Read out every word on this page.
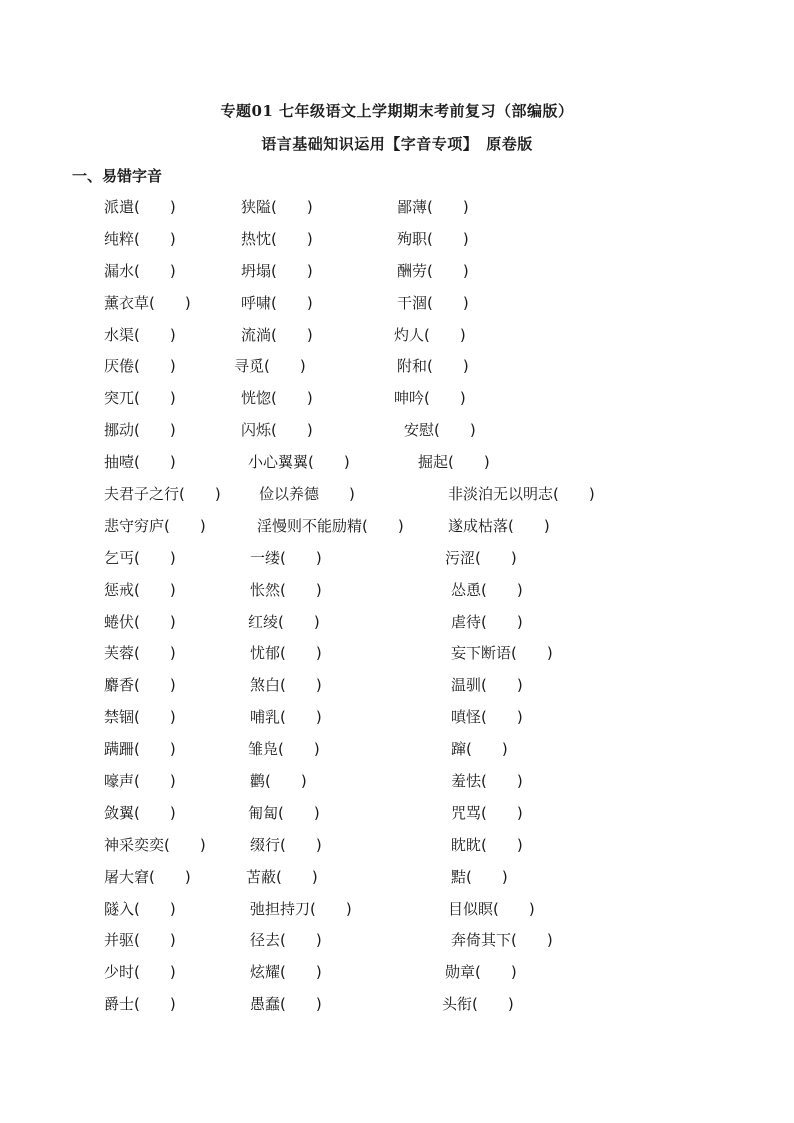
专题01 七年级语文上学期期末考前复习（部编版）
语言基础知识运用【字音专项】　原卷版
一、易错字音
派遣(　　)	狭隘(　　)	鄙薄(　　)
纯粹(　　)	热忱(　　)	殉职(　　)
漏水(　　)	坍塌(　　)	酬劳(　　)
薰衣草(　　)	呼啸(　　)	干涸(　　)
水渠(　　)	流淌(　　)	灼人(　　)
厌倦(　　)	寻觅(　　)	附和(　　)
突兀(　　)	恍惚(　　)	呻吟(　　)
挪动(　　)	闪烁(　　)	安慰(　　)
抽噎(　　)	小心翼翼(　　)	掘起(　　)
夫君子之行(　　)	俭以养德　　)	非淡泊无以明志(　　)
悲守穷庐(　　)	淫慢则不能励精(　　)	遂成枯落(　　)
乞丐(　　)	一缕(　　)	污涩(　　)
惩戒(　　)	怅然(　　)	怂恿(　　)
蜷伏(　　)	红绫(　　)	虐待(　　)
芙蓉(　　)	忧郁(　　)	妄下断语(　　)
麝香(　　)	煞白(　　)	温驯(　　)
禁锢(　　)	哺乳(　　)	嗔怪(　　)
蹒跚(　　)	雏凫(　　)	蹿(　　)
嚎声(　　)	鹳(　　)	羞怯(　　)
敛翼(　　)	匍匐(　　)	咒骂(　　)
神采奕奕(　　)	缀行(　　)	眈眈(　　)
屠大窘(　　)	苫蔽(　　)	黠(　　)
隧入(　　)	弛担持刀(　　)	目似瞑(　　)
并驱(　　)	径去(　　)	奔倚其下(　　)
少时(　　)	炫耀(　　)	勋章(　　)
爵士(　　)	愚蠢(　　)	头衔(　　)
